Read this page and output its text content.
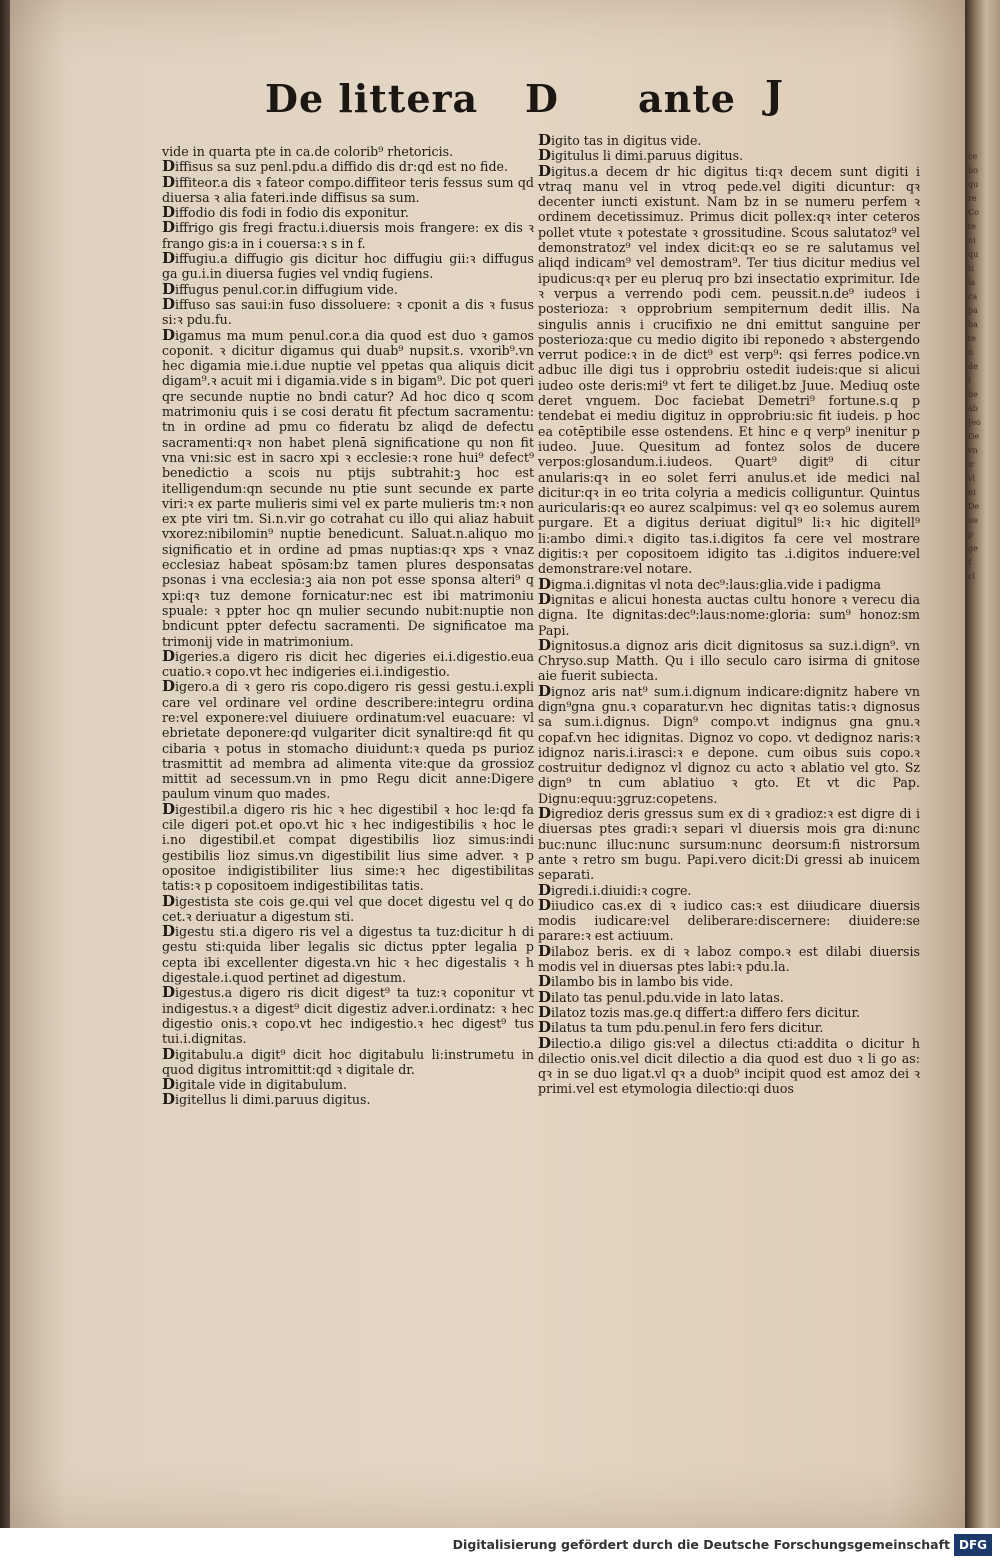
ce
bo
qu
re
Co
te
ni
qu
ti
la
ca
pa
ba
te
n
de
i
be
ab
Jeo
De
vn
ir
vl
ni
De
ue
p
ge
f
cl
De littera D ante J

vide in quarta pte in ca.de colorib⁹ rhetoricis.

Diffisus sa suz penl.pdu.a diffido dis dr:qd est no fide.

Diffiteor.a dis ꝛ fateor compo.diffiteor teris fessus sum qd diuersa ꝛ alia fateri.inde diffisus sa sum.

Diffodio dis fodi in fodio dis exponitur.

Diffrigo gis fregi fractu.i.diuersis mois frangere: ex dis ꝛ frango gis:a in i couersa:ꝛ s in f.

Diffugiu.a diffugio gis dicitur hoc diffugiu gii:ꝛ diffugus ga gu.i.in diuersa fugies vel vndiq fugiens.

Diffugus penul.cor.in diffugium vide.

Diffuso sas saui:in fuso dissoluere: ꝛ cponit a dis ꝛ fusus si:ꝛ pdu.fu.

Digamus ma mum penul.cor.a dia quod est duo ꝛ gamos coponit. ꝛ dicitur digamus qui duab⁹ nupsit.s. vxorib⁹.vn hec digamia mie.i.due nuptie vel ppetas qua aliquis dicit digam⁹.ꝛ acuit mi i digamia.vide s in bigam⁹. Dic pot queri qre secunde nuptie no bndi catur? Ad hoc dico q scom matrimoniu quis i se cosi deratu fit pfectum sacramentu: tn in ordine ad pmu co fideratu bz aliqd de defectu sacramenti:qꝛ non habet plenā significatione qu non fit vna vni:sic est in sacro xpi ꝛ ecclesie:ꝛ rone hui⁹ defect⁹ benedictio a scois nu ptijs subtrahit:ꝫ hoc est itelligendum:qn secunde nu ptie sunt secunde ex parte viri:ꝛ ex parte mulieris simi vel ex parte mulieris tm:ꝛ non ex pte viri tm. Si.n.vir go cotrahat cu illo qui aliaz habuit vxorez:nibilomin⁹ nuptie benedicunt. Saluat.n.aliquo mo significatio et in ordine ad pmas nuptias:qꝛ xps ꝛ vnaz ecclesiaz habeat spōsam:bz tamen plures desponsatas psonas i vna ecclesia:ꝫ aia non pot esse sponsa alteri⁹ q xpi:qꝛ tuz demone fornicatur:nec est ibi matrimoniu spuale: ꝛ ppter hoc qn mulier secundo nubit:nuptie non bndicunt ppter defectu sacramenti. De significatoe ma trimonij vide in matrimonium.

Digeries.a digero ris dicit hec digeries ei.i.digestio.eua cuatio.ꝛ copo.vt hec indigeries ei.i.indigestio.

Digero.a di ꝛ gero ris copo.digero ris gessi gestu.i.expli care vel ordinare vel ordine describere:integru ordina re:vel exponere:vel diuiuere ordinatum:vel euacuare: vl ebrietate deponere:qd vulgariter dicit synaltire:qd fit qu cibaria ꝛ potus in stomacho diuidunt:ꝛ queda ps purioz trasmittit ad membra ad alimenta vite:que da grossioz mittit ad secessum.vn in pmo Regu dicit anne:Digere paulum vinum quo mades.

Digestibil.a digero ris hic ꝛ hec digestibil ꝛ hoc le:qd fa cile digeri pot.et opo.vt hic ꝛ hec indigestibilis ꝛ hoc le i.no digestibil.et compat digestibilis lioz simus:indi gestibilis lioz simus.vn digestibilit lius sime adver. ꝛ p opositoe indigistibiliter lius sime:ꝛ hec digestibilitas tatis:ꝛ p copositoem indigestibilitas tatis.

Digestista ste cois ge.qui vel que docet digestu vel q do cet.ꝛ deriuatur a digestum sti.

Digestu sti.a digero ris vel a digestus ta tuz:dicitur h di gestu sti:quida liber legalis sic dictus ppter legalia p cepta ibi excellenter digesta.vn hic ꝛ hec digestalis ꝛ h digestale.i.quod pertinet ad digestum.

Digestus.a digero ris dicit digest⁹ ta tuz:ꝛ coponitur vt indigestus.ꝛ a digest⁹ dicit digestiz adver.i.ordinatz: ꝛ hec digestio onis.ꝛ copo.vt hec indigestio.ꝛ hec digest⁹ tus tui.i.dignitas.

Digitabulu.a digit⁹ dicit hoc digitabulu li:instrumetu in quod digitus intromittit:qd ꝛ digitale dr.

Digitale vide in digitabulum.

Digitellus li dimi.paruus digitus.

Digito tas in digitus vide.

Digitulus li dimi.paruus digitus.

Digitus.a decem dr hic digitus ti:qꝛ decem sunt digiti i vtraq manu vel in vtroq pede.vel digiti dicuntur: qꝛ decenter iuncti existunt. Nam bz in se numeru perfem ꝛ ordinem decetissimuz. Primus dicit pollex:qꝛ inter ceteros pollet vtute ꝛ potestate ꝛ grossitudine. Scous salutatoz⁹ vel demonstratoz⁹ vel index dicit:qꝛ eo se re salutamus vel aliqd indicam⁹ vel demostram⁹. Ter tius dicitur medius vel ipudicus:qꝛ per eu pleruq pro bzi insectatio exprimitur. Ide ꝛ verpus a verrendo podi cem. peussit.n.de⁹ iudeos i posterioza: ꝛ opprobrium sempiternum dedit illis. Na singulis annis i crucifixio ne dni emittut sanguine per posterioza:que cu medio digito ibi reponedo ꝛ abstergendo verrut podice:ꝛ in de dict⁹ est verp⁹: qsi ferres podice.vn adbuc ille digi tus i opprobriu ostedit iudeis:que si alicui iudeo oste deris:mi⁹ vt fert te diliget.bz Juue. Mediuq oste deret vnguem. Doc faciebat Demetri⁹ fortune.s.q p tendebat ei mediu digituz in opprobriu:sic fit iudeis. p hoc ea cotēptibile esse ostendens. Et hinc e q verp⁹ inenitur p iudeo. Juue. Quesitum ad fontez solos de ducere verpos:glosandum.i.iudeos. Quart⁹ digit⁹ di citur anularis:qꝛ in eo solet ferri anulus.et ide medici nal dicitur:qꝛ in eo trita colyria a medicis colliguntur. Quintus auricularis:qꝛ eo aurez scalpimus: vel qꝛ eo solemus aurem purgare. Et a digitus deriuat digitul⁹ li:ꝛ hic digitell⁹ li:ambo dimi.ꝛ digito tas.i.digitos fa cere vel mostrare digitis:ꝛ per copositoem idigito tas .i.digitos induere:vel demonstrare:vel notare.

Digma.i.dignitas vl nota dec⁹:laus:glia.vide i padigma

Dignitas e alicui honesta auctas cultu honore ꝛ verecu dia digna. Ite dignitas:dec⁹:laus:nome:gloria: sum⁹ honoz:sm Papi.

Dignitosus.a dignoz aris dicit dignitosus sa suz.i.dign⁹. vn Chryso.sup Matth. Qu i illo seculo caro isirma di gnitose aie fuerit subiecta.

Dignoz aris nat⁹ sum.i.dignum indicare:dignitz habere vn dign⁹gna gnu.ꝛ coparatur.vn hec dignitas tatis:ꝛ dignosus sa sum.i.dignus. Dign⁹ compo.vt indignus gna gnu.ꝛ copaf.vn hec idignitas. Dignoz vo copo. vt dedignoz naris:ꝛ idignoz naris.i.irasci:ꝛ e depone. cum oibus suis copo.ꝛ costruitur dedignoz vl dignoz cu acto ꝛ ablatio vel gto. Sz dign⁹ tn cum ablatiuo ꝛ gto. Et vt dic Pap. Dignu:equu:ꝫgruz:copetens.

Digredioz deris gressus sum ex di ꝛ gradioz:ꝛ est digre di i diuersas ptes gradi:ꝛ separi vl diuersis mois gra di:nunc buc:nunc illuc:nunc sursum:nunc deorsum:fi nistrorsum ante ꝛ retro sm bugu. Papi.vero dicit:Di gressi ab inuicem separati.

Digredi.i.diuidi:ꝛ cogre.

Diiudico cas.ex di ꝛ iudico cas:ꝛ est diiudicare diuersis modis iudicare:vel deliberare:discernere: diuidere:se parare:ꝛ est actiuum.

Dilaboz beris. ex di ꝛ laboz compo.ꝛ est dilabi diuersis modis vel in diuersas ptes labi:ꝛ pdu.la.

Dilambo bis in lambo bis vide.

Dilato tas penul.pdu.vide in lato latas.

Dilatoz tozis mas.ge.q differt:a differo fers dicitur.

Dilatus ta tum pdu.penul.in fero fers dicitur.

Dilectio.a diligo gis:vel a dilectus cti:addita o dicitur h dilectio onis.vel dicit dilectio a dia quod est duo ꝛ li go as: qꝛ in se duo ligat.vl qꝛ a duob⁹ incipit quod est amoz dei ꝛ primi.vel est etymologia dilectio:qi duos

Digitalisierung gefördert durch die Deutsche Forschungsgemeinschaft DFG
